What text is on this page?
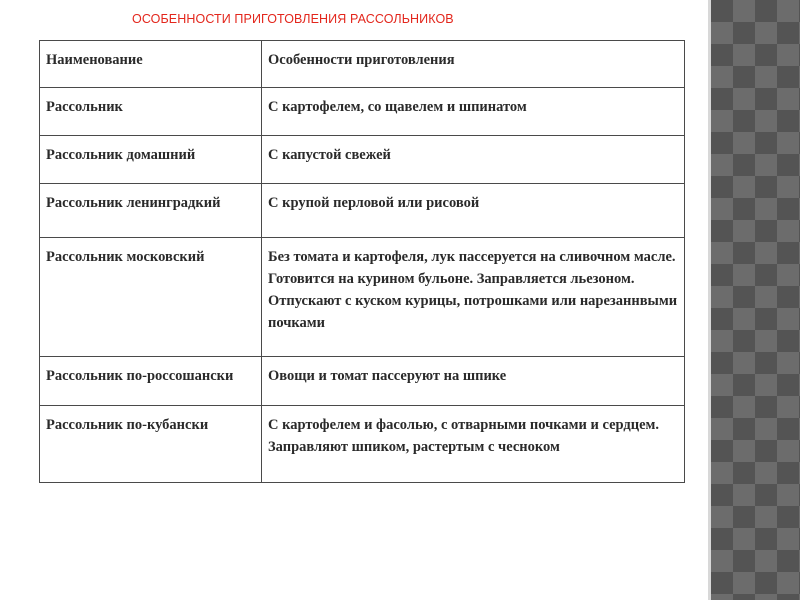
ОСОБЕННОСТИ ПРИГОТОВЛЕНИЯ РАССОЛЬНИКОВ
Наименование	Особенности приготовления
Рассольник	С картофелем, со щавелем и шпинатом
Рассольник домашний	С капустой свежей
Рассольник ленинградкий	С крупой перловой или рисовой
Рассольник московский	Без томата и картофеля, лук пассеруется на сливочном масле. Готовится на курином бульоне. Заправляется льезоном. Отпускают с куском курицы, потрошками или нарезаннвыми почками
Рассольник по-россошански	Овощи и томат пассеруют на шпике
Рассольник по-кубански	С картофелем и фасолью, с отварными почками и сердцем. Заправляют шпиком, растертым с чесноком
